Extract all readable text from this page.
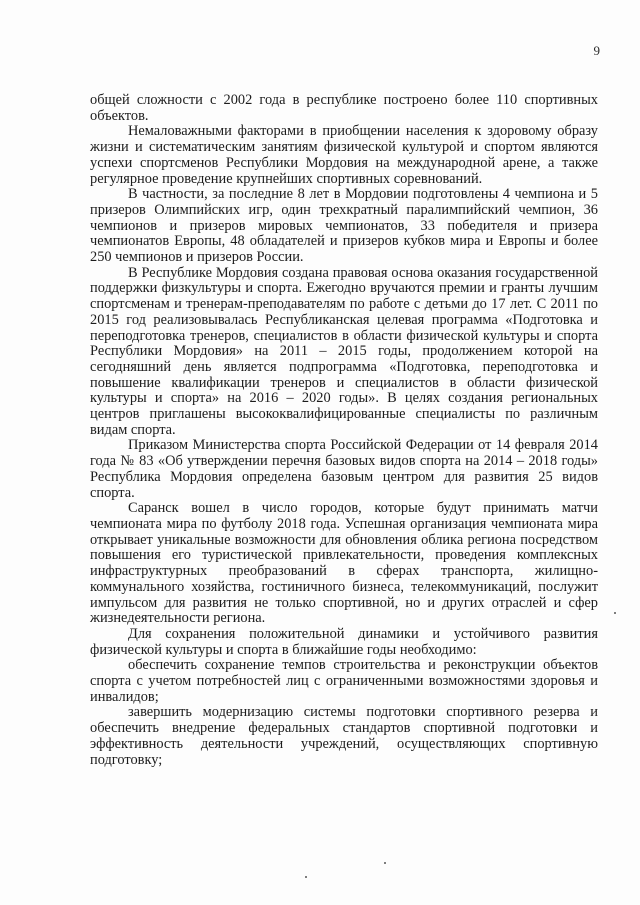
9

общей сложности с 2002 года в республике построено более 110 спортивных объектов.

Немаловажными факторами в приобщении населения к здоровому образу жизни и систематическим занятиям физической культурой и спортом являются успехи спортсменов Республики Мордовия на международной арене, а также регулярное проведение крупнейших спортивных соревнований.

В частности, за последние 8 лет в Мордовии подготовлены 4 чемпиона и 5 призеров Олимпийских игр, один трехкратный паралимпийский чемпион, 36 чемпионов и призеров мировых чемпионатов, 33 победителя и призера чемпионатов Европы, 48 обладателей и призеров кубков мира и Европы и более 250 чемпионов и призеров России.

В Республике Мордовия создана правовая основа оказания государственной поддержки физкультуры и спорта. Ежегодно вручаются премии и гранты лучшим спортсменам и тренерам-преподавателям по работе с детьми до 17 лет. С 2011 по 2015 год реализовывалась Республиканская целевая программа «Подготовка и переподготовка тренеров, специалистов в области физической культуры и спорта Республики Мордовия» на 2011 – 2015 годы, продолжением которой на сегодняшний день является подпрограмма «Подготовка, переподготовка и повышение квалификации тренеров и специалистов в области физической культуры и спорта» на 2016 – 2020 годы». В целях создания региональных центров приглашены высококвалифицированные специалисты по различным видам спорта.

Приказом Министерства спорта Российской Федерации от 14 февраля 2014 года № 83 «Об утверждении перечня базовых видов спорта на 2014 – 2018 годы» Республика Мордовия определена базовым центром для развития 25 видов спорта.

Саранск вошел в число городов, которые будут принимать матчи чемпионата мира по футболу 2018 года. Успешная организация чемпионата мира открывает уникальные возможности для обновления облика региона посредством повышения его туристической привлекательности, проведения комплексных инфраструктурных преобразований в сферах транспорта, жилищно-коммунального хозяйства, гостиничного бизнеса, телекоммуникаций, послужит импульсом для развития не только спортивной, но и других отраслей и сфер жизнедеятельности региона.

Для сохранения положительной динамики и устойчивого развития физической культуры и спорта в ближайшие годы необходимо:

обеспечить сохранение темпов строительства и реконструкции объектов спорта с учетом потребностей лиц с ограниченными возможностями здоровья и инвалидов;

завершить модернизацию системы подготовки спортивного резерва и обеспечить внедрение федеральных стандартов спортивной подготовки и эффективность деятельности учреждений, осуществляющих спортивную подготовку;
